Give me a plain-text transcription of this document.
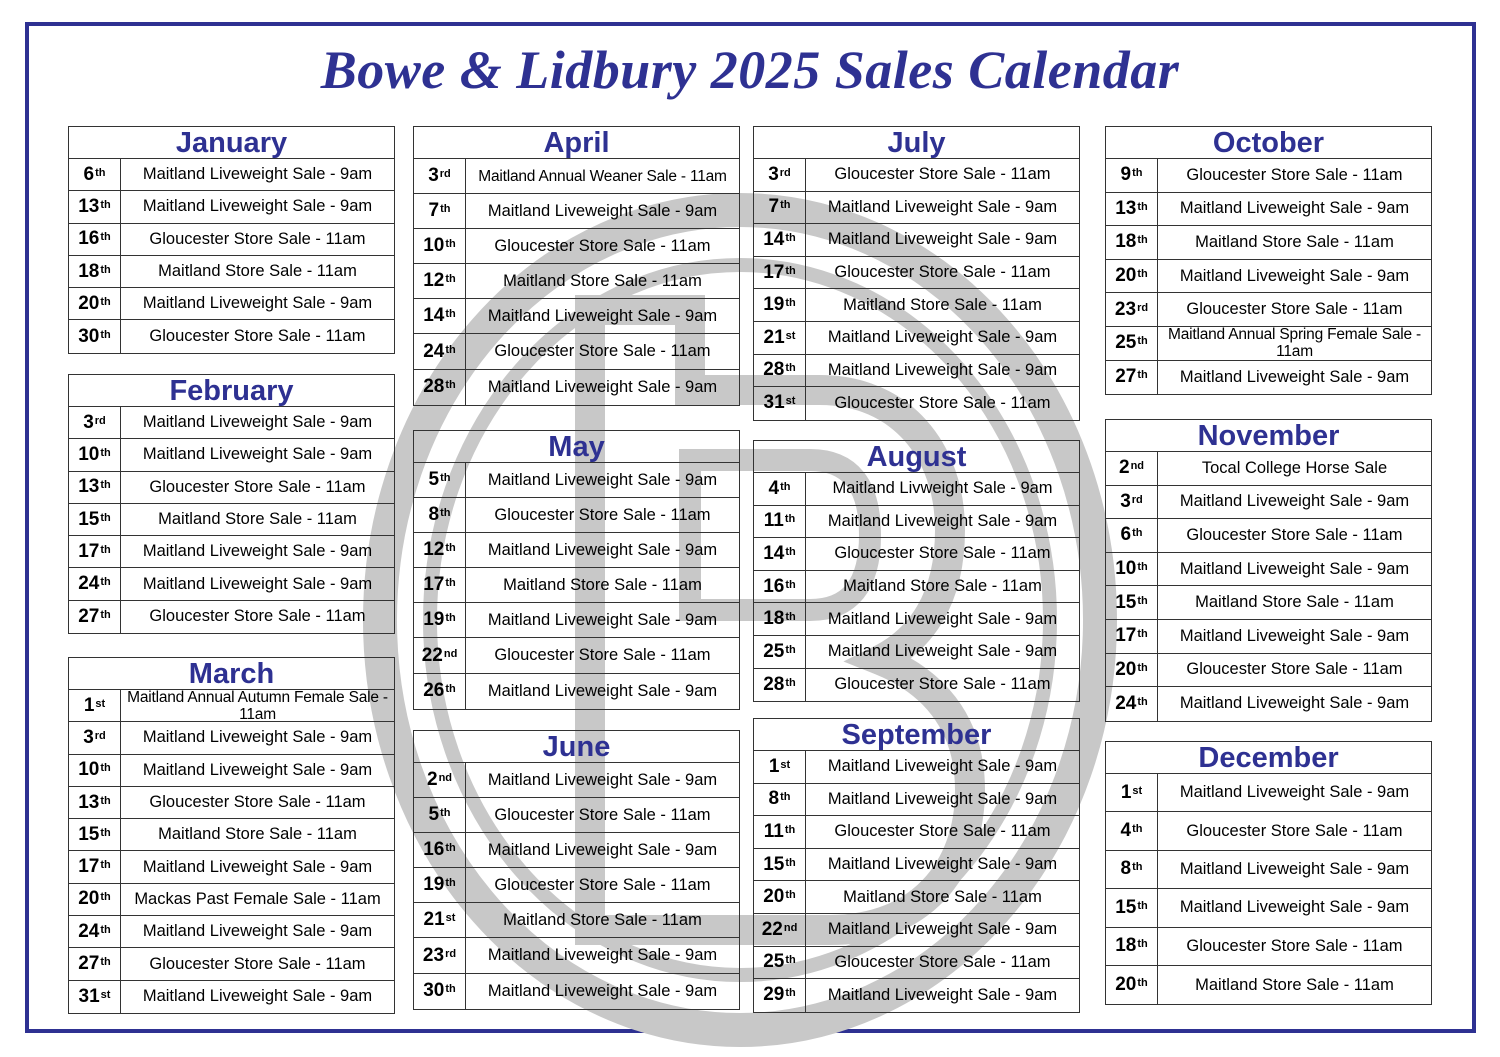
Bowe & Lidbury 2025 Sales Calendar
January
6th	Maitland Liveweight Sale - 9am
13th	Maitland Liveweight Sale - 9am
16th	Gloucester Store Sale - 11am
18th	Maitland Store Sale - 11am
20th	Maitland Liveweight Sale - 9am
30th	Gloucester Store Sale - 11am
February
3rd	Maitland Liveweight Sale - 9am
10th	Maitland Liveweight Sale - 9am
13th	Gloucester Store Sale - 11am
15th	Maitland Store Sale - 11am
17th	Maitland Liveweight Sale - 9am
24th	Maitland Liveweight Sale - 9am
27th	Gloucester Store Sale - 11am
March
1st	Maitland Annual Autumn Female Sale - 11am
3rd	Maitland Liveweight Sale - 9am
10th	Maitland Liveweight Sale - 9am
13th	Gloucester Store Sale - 11am
15th	Maitland Store Sale - 11am
17th	Maitland Liveweight Sale - 9am
20th	Mackas Past Female Sale - 11am
24th	Maitland Liveweight Sale - 9am
27th	Gloucester Store Sale - 11am
31st	Maitland Liveweight Sale - 9am
April
3rd	Maitland Annual Weaner Sale - 11am
7th	Maitland Liveweight Sale - 9am
10th	Gloucester Store Sale - 11am
12th	Maitland Store Sale - 11am
14th	Maitland Liveweight Sale - 9am
24th	Gloucester Store Sale - 11am
28th	Maitland Liveweight Sale - 9am
May
5th	Maitland Liveweight Sale - 9am
8th	Gloucester Store Sale - 11am
12th	Maitland Liveweight Sale - 9am
17th	Maitland Store Sale - 11am
19th	Maitland Liveweight Sale - 9am
22nd	Gloucester Store Sale - 11am
26th	Maitland Liveweight Sale - 9am
June
2nd	Maitland Liveweight Sale - 9am
5th	Gloucester Store Sale - 11am
16th	Maitland Liveweight Sale - 9am
19th	Gloucester Store Sale - 11am
21st	Maitland Store Sale - 11am
23rd	Maitland Liveweight Sale - 9am
30th	Maitland Liveweight Sale - 9am
July
3rd	Gloucester Store Sale - 11am
7th	Maitland Liveweight Sale - 9am
14th	Maitland Liveweight Sale - 9am
17th	Gloucester Store Sale - 11am
19th	Maitland Store Sale - 11am
21st	Maitland Liveweight Sale - 9am
28th	Maitland Liveweight Sale - 9am
31st	Gloucester Store Sale - 11am
August
4th	Maitland Livweight Sale - 9am
11th	Maitland Liveweight Sale - 9am
14th	Gloucester Store Sale - 11am
16th	Maitland Store Sale - 11am
18th	Maitland Liveweight Sale - 9am
25th	Maitland Liveweight Sale - 9am
28th	Gloucester Store Sale - 11am
September
1st	Maitland Liveweight Sale - 9am
8th	Maitland Liveweight Sale - 9am
11th	Gloucester Store Sale - 11am
15th	Maitland Liveweight Sale - 9am
20th	Maitland Store Sale - 11am
22nd	Maitland Liveweight Sale - 9am
25th	Gloucester Store Sale - 11am
29th	Maitland Liveweight Sale - 9am
October
9th	Gloucester Store Sale - 11am
13th	Maitland Liveweight Sale - 9am
18th	Maitland Store Sale - 11am
20th	Maitland Liveweight Sale - 9am
23rd	Gloucester Store Sale - 11am
25th	Maitland Annual Spring Female Sale - 11am
27th	Maitland Liveweight Sale - 9am
November
2nd	Tocal College Horse Sale
3rd	Maitland Liveweight Sale - 9am
6th	Gloucester Store Sale - 11am
10th	Maitland Liveweight Sale - 9am
15th	Maitland Store Sale - 11am
17th	Maitland Liveweight Sale - 9am
20th	Gloucester Store Sale - 11am
24th	Maitland Liveweight Sale - 9am
December
1st	Maitland Liveweight Sale - 9am
4th	Gloucester Store Sale - 11am
8th	Maitland Liveweight Sale - 9am
15th	Maitland Liveweight Sale - 9am
18th	Gloucester Store Sale - 11am
20th	Maitland Store Sale - 11am
